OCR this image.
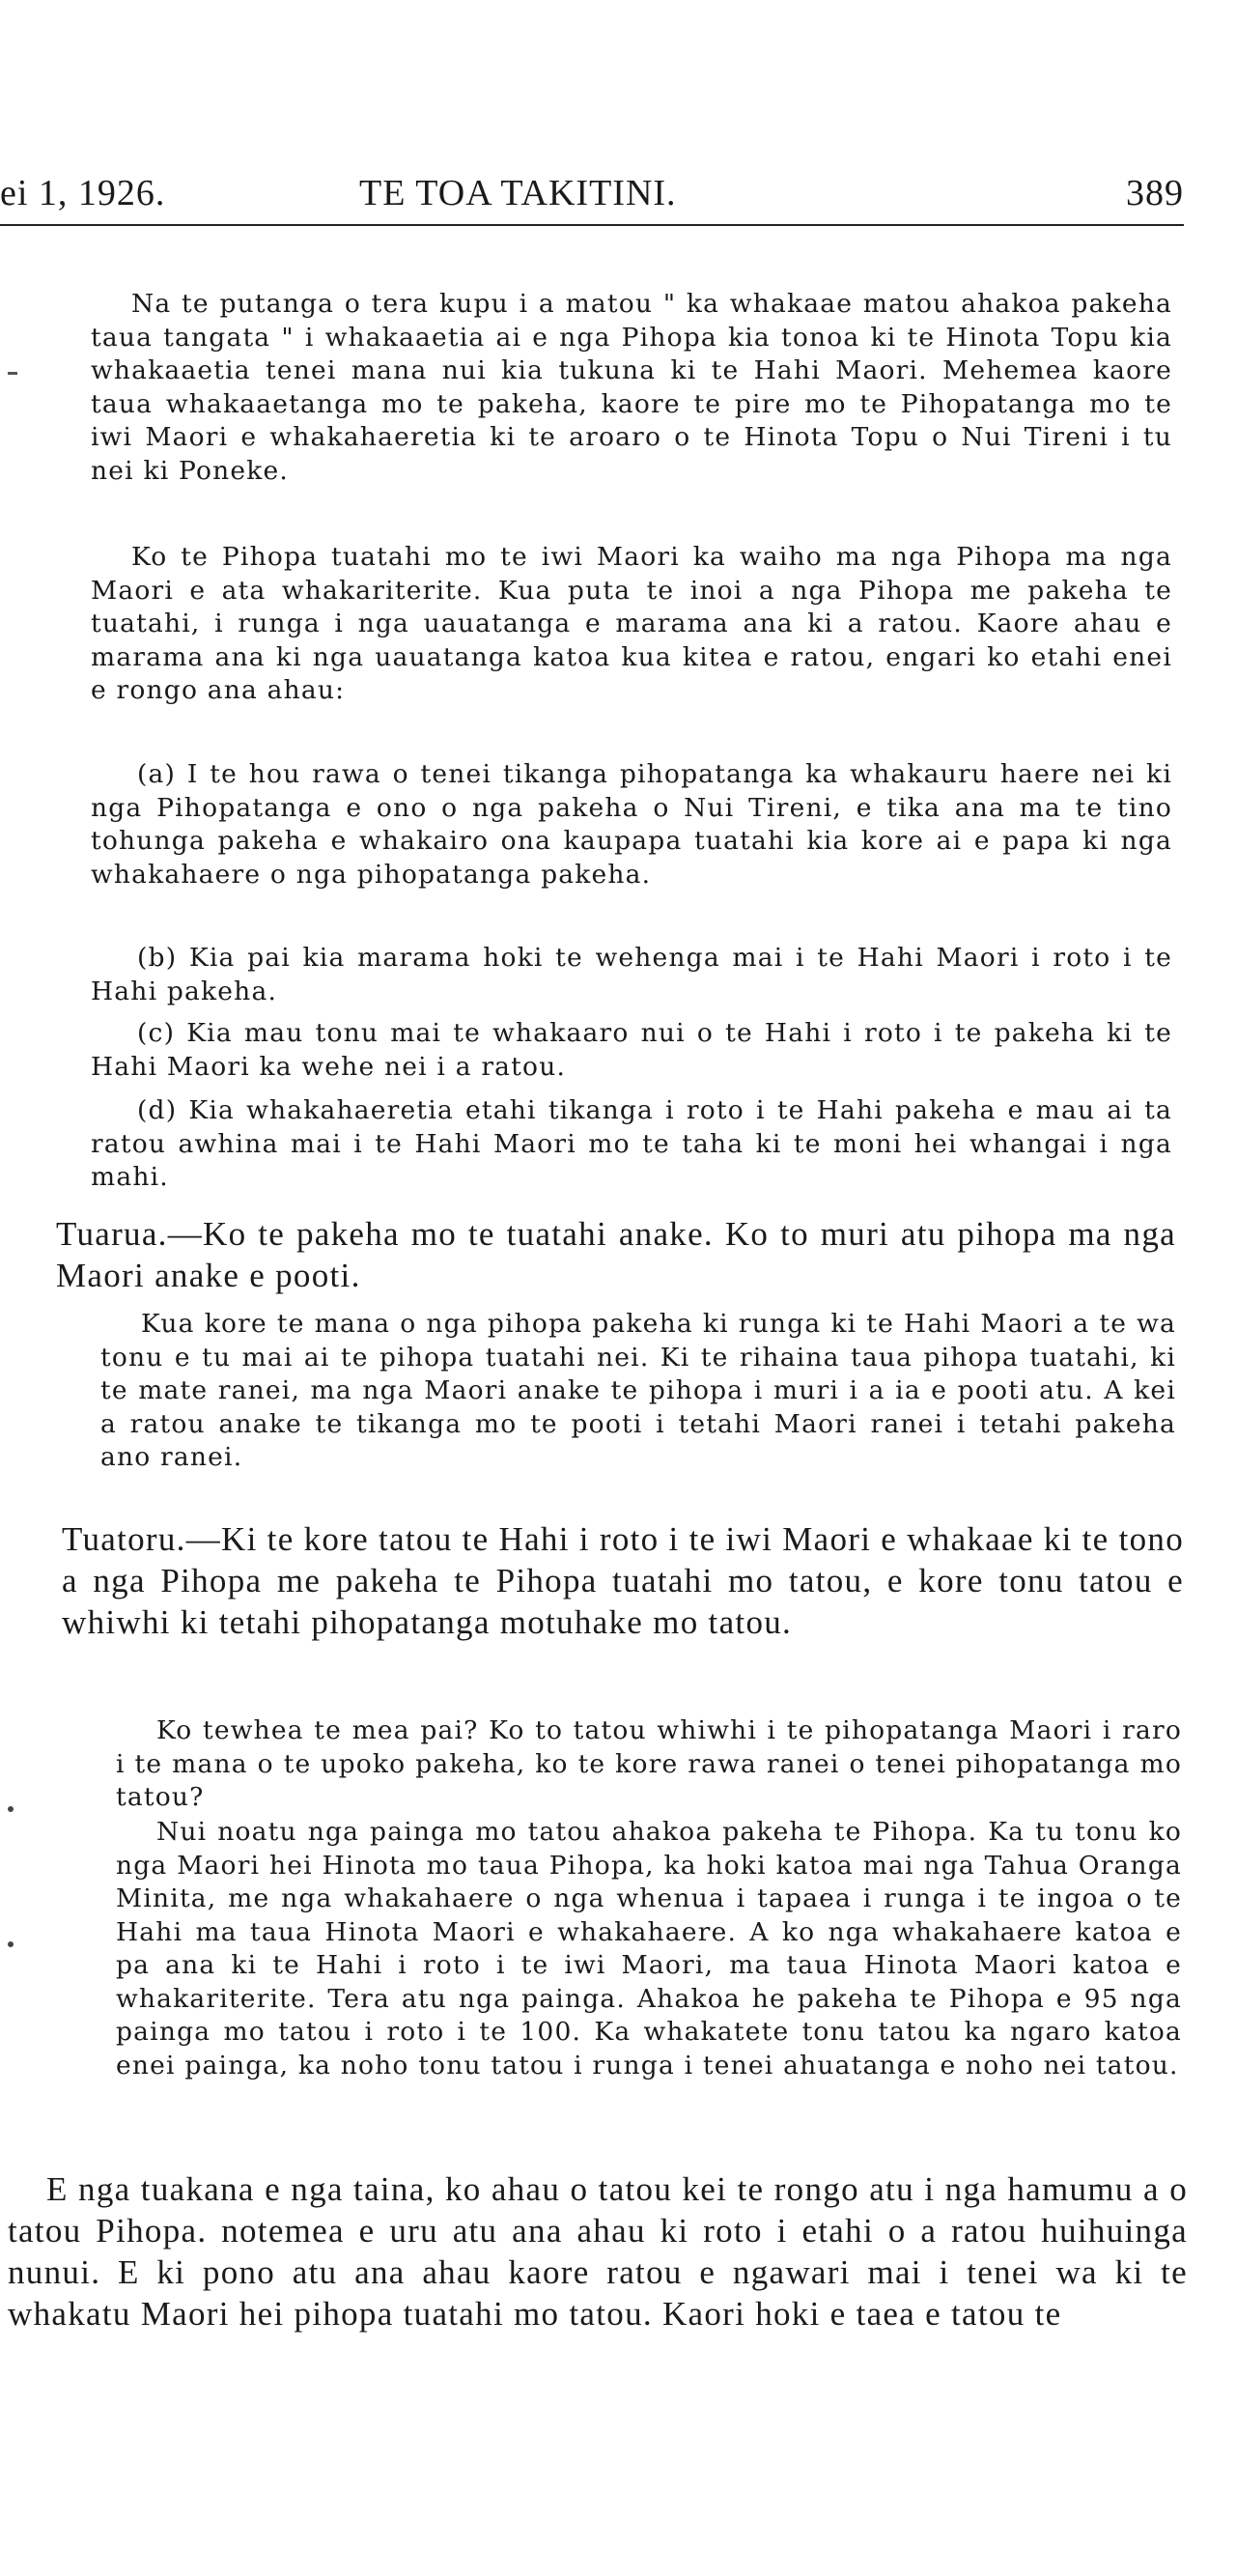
ei 1, 1926.	TE TOA TAKITINI.	389

Na te putanga o tera kupu i a matou " ka whakaae matou ahakoa pakeha taua tangata " i whakaaetia ai e nga Pihopa kia tonoa ki te Hinota Topu kia whakaaetia tenei mana nui kia tukuna ki te Hahi Maori. Mehemea kaore taua whakaaetanga mo te pakeha, kaore te pire mo te Pihopatanga mo te iwi Maori e whakahaeretia ki te aroaro o te Hinota Topu o Nui Tireni i tu nei ki Poneke.

Ko te Pihopa tuatahi mo te iwi Maori ka waiho ma nga Pihopa ma nga Maori e ata whakariterite. Kua puta te inoi a nga Pihopa me pakeha te tuatahi, i runga i nga uauatanga e marama ana ki a ratou. Kaore ahau e marama ana ki nga uauatanga katoa kua kitea e ratou, engari ko etahi enei e rongo ana ahau:

(a) I te hou rawa o tenei tikanga pihopatanga ka whakauru haere nei ki nga Pihopatanga e ono o nga pakeha o Nui Tireni, e tika ana ma te tino tohunga pakeha e whakairo ona kaupapa tuatahi kia kore ai e papa ki nga whakahaere o nga pihopatanga pakeha.

(b) Kia pai kia marama hoki te wehenga mai i te Hahi Maori i roto i te Hahi pakeha.

(c) Kia mau tonu mai te whakaaro nui o te Hahi i roto i te pakeha ki te Hahi Maori ka wehe nei i a ratou.

(d) Kia whakahaeretia etahi tikanga i roto i te Hahi pakeha e mau ai ta ratou awhina mai i te Hahi Maori mo te taha ki te moni hei whangai i nga mahi.

Tuarua.—Ko te pakeha mo te tuatahi anake. Ko to muri atu pihopa ma nga Maori anake e pooti.

Kua kore te mana o nga pihopa pakeha ki runga ki te Hahi Maori a te wa tonu e tu mai ai te pihopa tuatahi nei. Ki te rihaina taua pihopa tuatahi, ki te mate ranei, ma nga Maori anake te pihopa i muri i a ia e pooti atu. A kei a ratou anake te tikanga mo te pooti i tetahi Maori ranei i tetahi pakeha ano ranei.

Tuatoru.—Ki te kore tatou te Hahi i roto i te iwi Maori e whakaae ki te tono a nga Pihopa me pakeha te Pihopa tuatahi mo tatou, e kore tonu tatou e whiwhi ki tetahi pihopatanga motuhake mo tatou.

Ko tewhea te mea pai? Ko to tatou whiwhi i te pihopatanga Maori i raro i te mana o te upoko pakeha, ko te kore rawa ranei o tenei pihopatanga mo tatou?

Nui noatu nga painga mo tatou ahakoa pakeha te Pihopa. Ka tu tonu ko nga Maori hei Hinota mo taua Pihopa, ka hoki katoa mai nga Tahua Oranga Minita, me nga whakahaere o nga whenua i tapaea i runga i te ingoa o te Hahi ma taua Hinota Maori e whakahaere. A ko nga whakahaere katoa e pa ana ki te Hahi i roto i te iwi Maori, ma taua Hinota Maori katoa e whakariterite. Tera atu nga painga. Ahakoa he pakeha te Pihopa e 95 nga painga mo tatou i roto i te 100. Ka whakatete tonu tatou ka ngaro katoa enei painga, ka noho tonu tatou i runga i tenei ahuatanga e noho nei tatou.

E nga tuakana e nga taina, ko ahau o tatou kei te rongo atu i nga hamumu a o tatou Pihopa. notemea e uru atu ana ahau ki roto i etahi o a ratou huihuinga nunui. E ki pono atu ana ahau kaore ratou e ngawari mai i tenei wa ki te whakatu Maori hei pihopa tuatahi mo tatou. Kaori hoki e taea e tatou te
